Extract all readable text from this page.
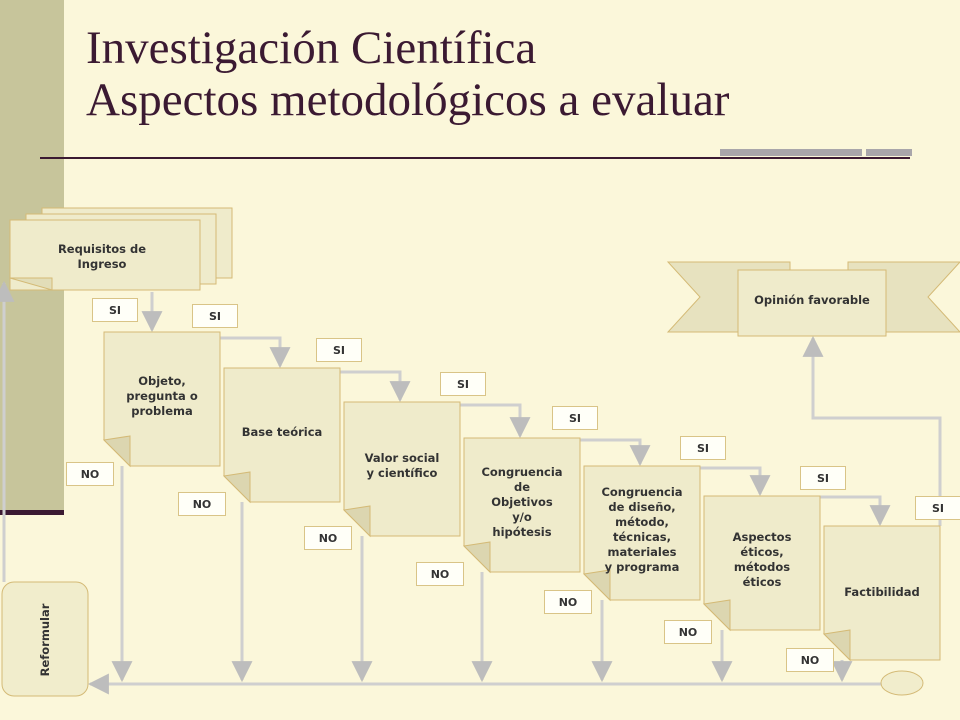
Investigación Científica
Aspectos metodológicos a evaluar
Requisitos de
Ingreso
Objeto,
pregunta o
problema
Base teórica
Valor social
y científico	Congruencia
de
Objetivos
y/o
hipótesis
Congruencia
de diseño,
método,
técnicas,
materiales
y programa
Aspectos
éticos,
métodos
éticos
Factibilidad
Opinión favorable
Reformular
SI	SI
SI
SI
SI
SI
SI
SI
NO
NO
NO
NO
NO
NO
NO
